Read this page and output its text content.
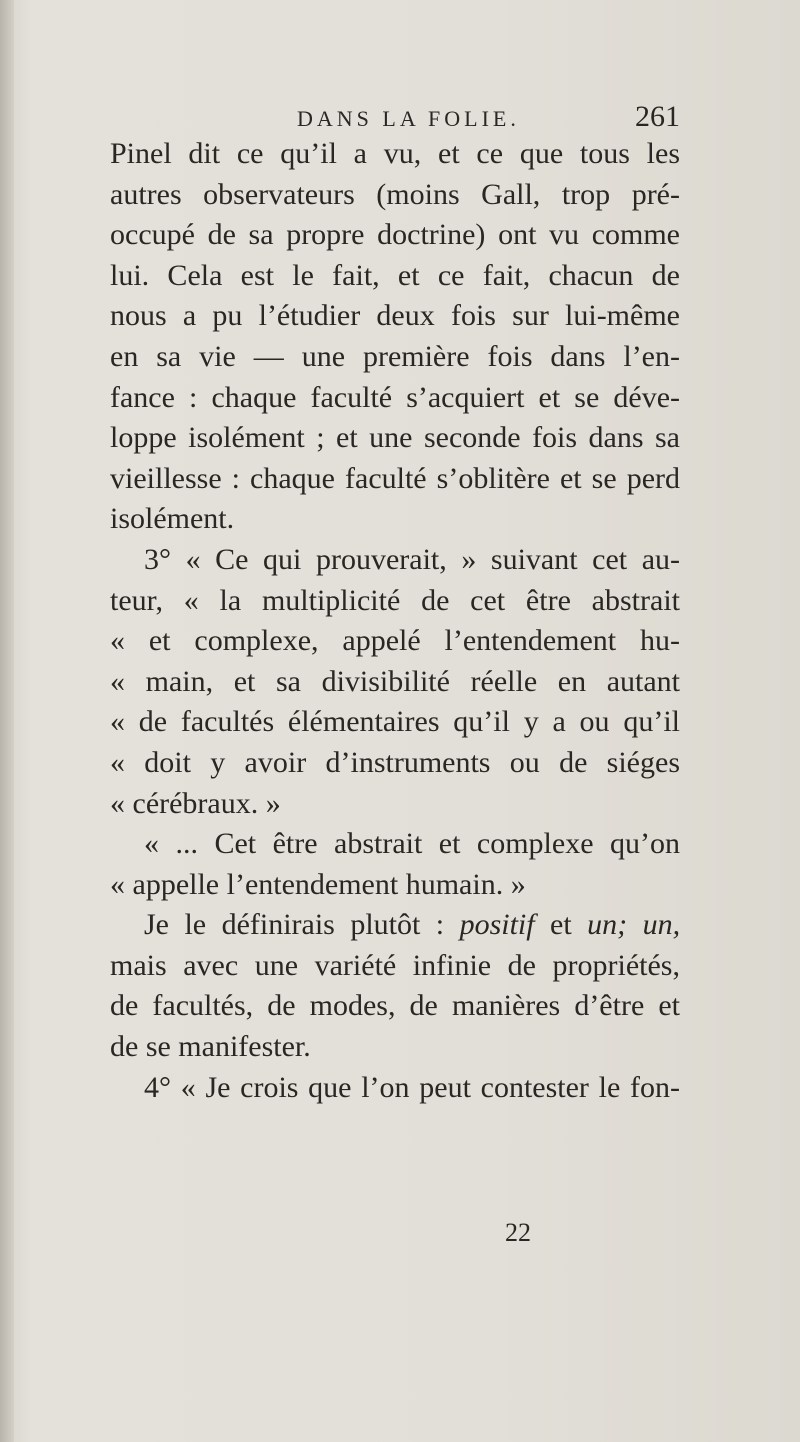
DANS LA FOLIE.	261
Pinel dit ce qu’il a vu, et ce que tous les
autres observateurs (moins Gall, trop pré-
occupé de sa propre doctrine) ont vu comme
lui. Cela est le fait, et ce fait, chacun de
nous a pu l’étudier deux fois sur lui-même
en sa vie — une première fois dans l’en-
fance : chaque faculté s’acquiert et se déve-
loppe isolément ; et une seconde fois dans sa
vieillesse : chaque faculté s’oblitère et se perd
isolément.
3° « Ce qui prouverait, » suivant cet au-
teur, « la multiplicité de cet être abstrait
« et complexe, appelé l’entendement hu-
« main, et sa divisibilité réelle en autant
« de facultés élémentaires qu’il y a ou qu’il
« doit y avoir d’instruments ou de siéges
« cérébraux. »
« ... Cet être abstrait et complexe qu’on
« appelle l’entendement humain. »
Je le définirais plutôt : positif et un; un,
mais avec une variété infinie de propriétés,
de facultés, de modes, de manières d’être et
de se manifester.
4° « Je crois que l’on peut contester le fon-
22
